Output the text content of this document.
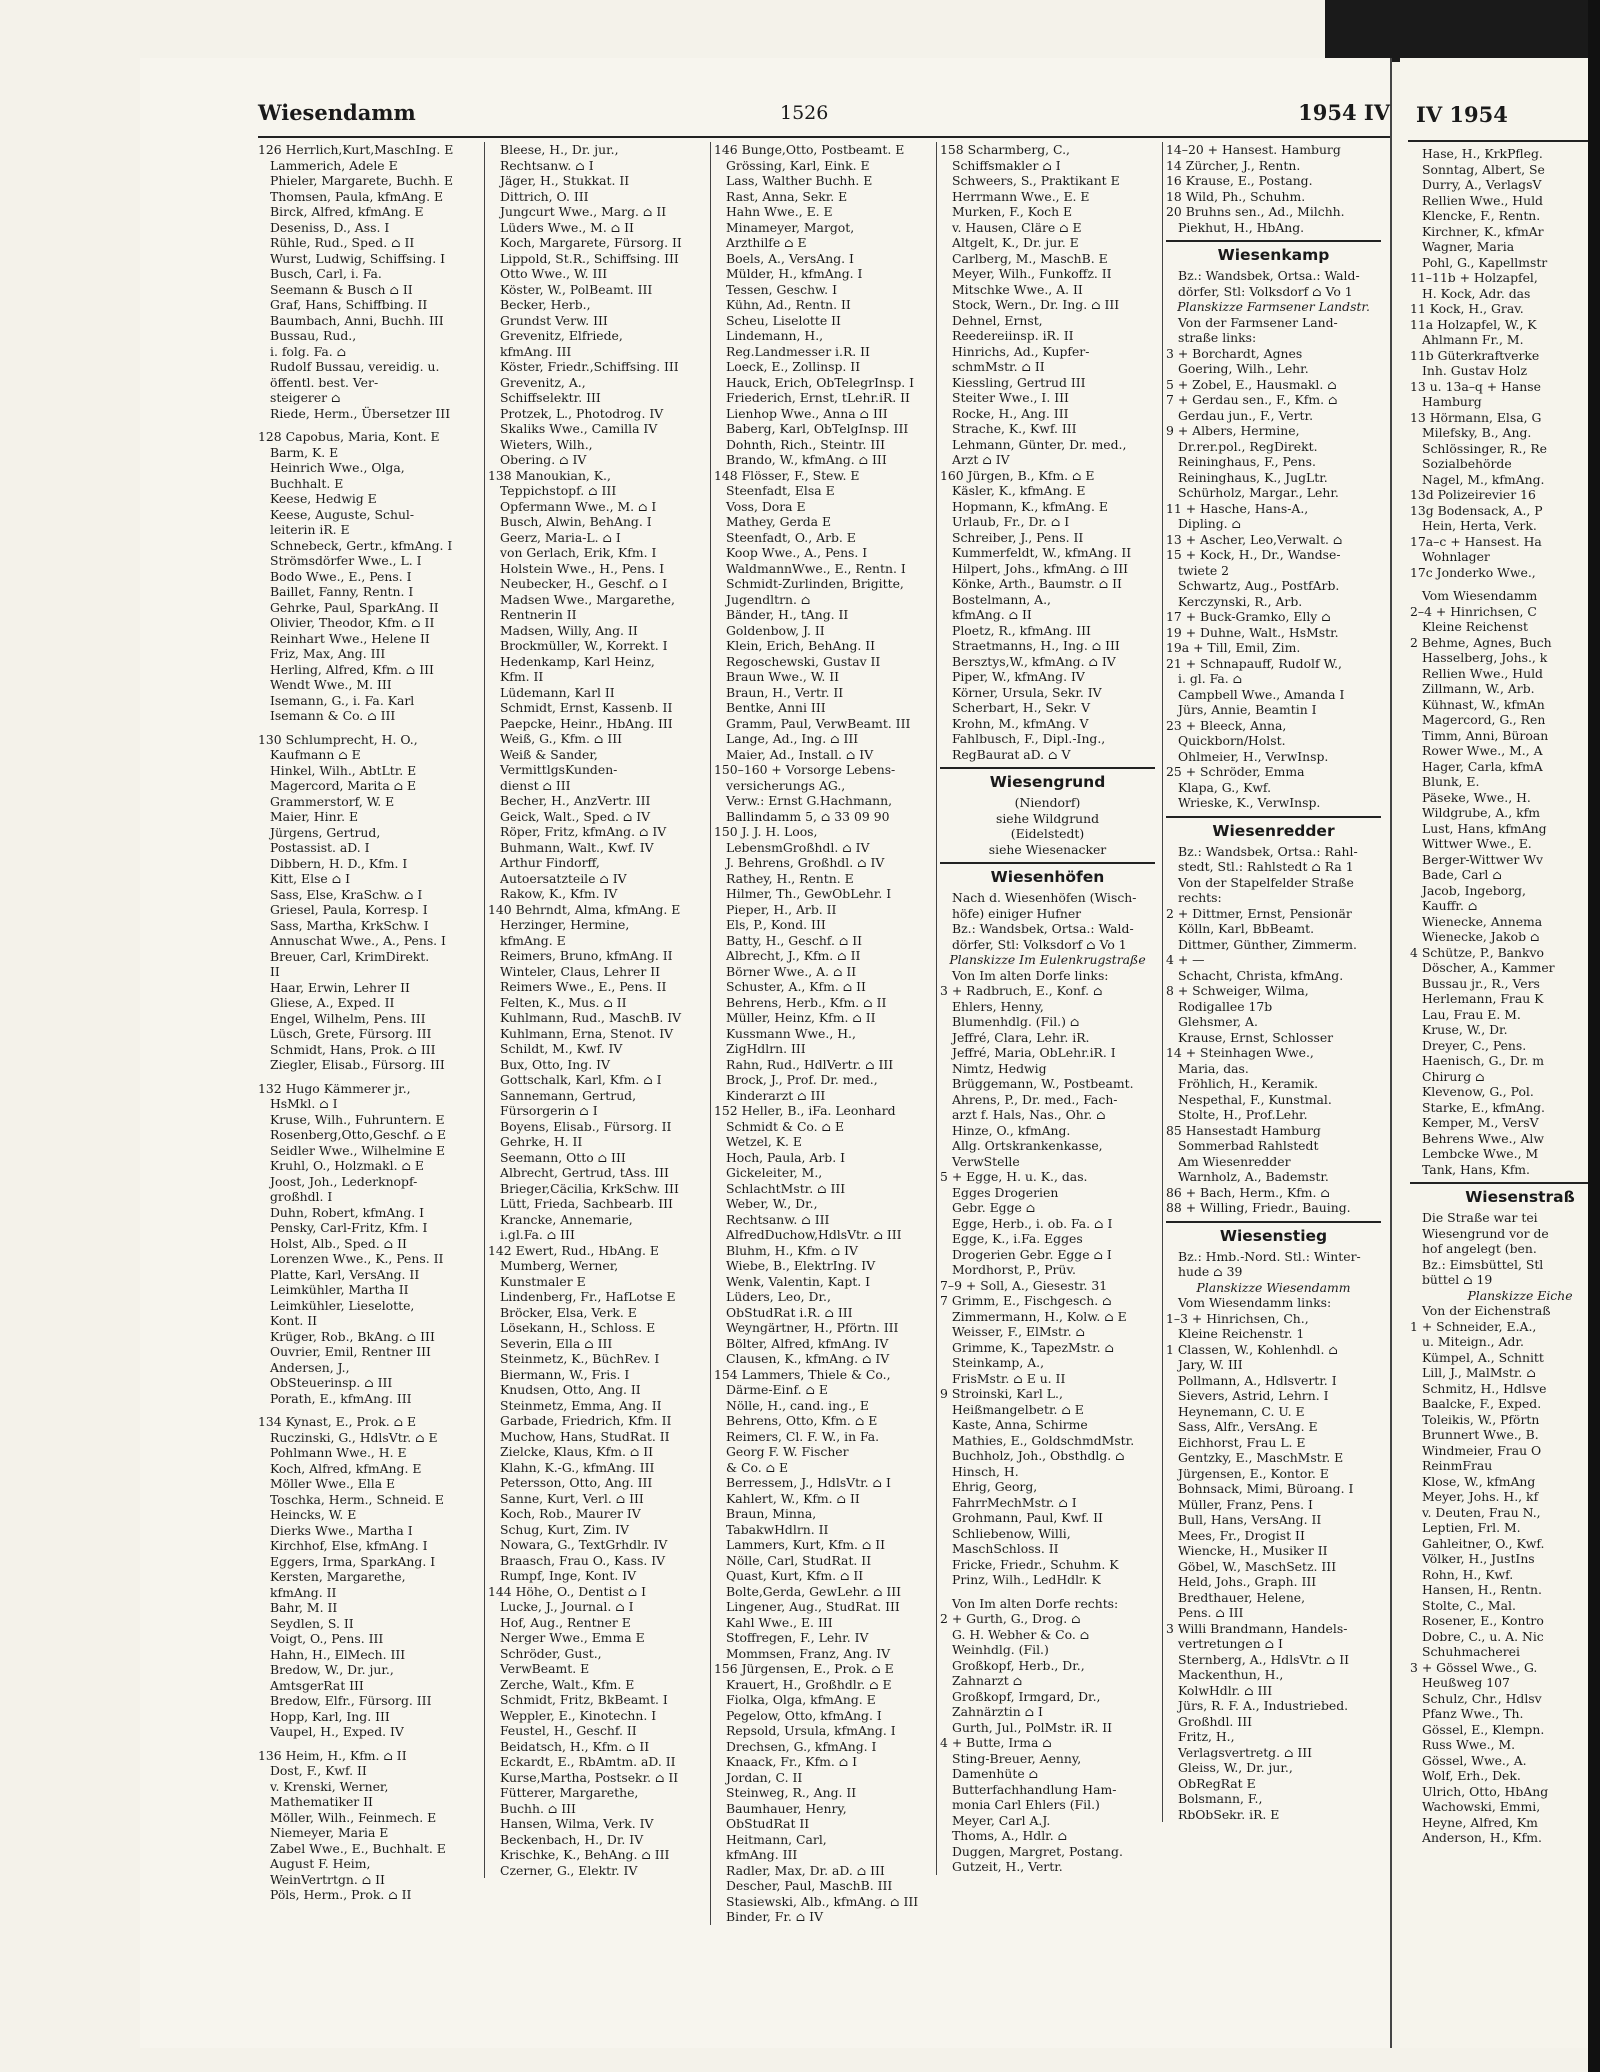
Wiesendamm	1526	1954 IV
126 Herrlich,Kurt,MaschIng. E
Lammerich, Adele E
Phieler, Margarete, Buchh. E
Thomsen, Paula, kfmAng. E
Birck, Alfred, kfmAng. E
Deseniss, D., Ass. I
Rühle, Rud., Sped. ⌂ II
Wurst, Ludwig, Schiffsing. I
Busch, Carl, i. Fa.
Seemann & Busch ⌂ II
Graf, Hans, Schiffbing. II
Baumbach, Anni, Buchh. III
Bussau, Rud.,
i. folg. Fa. ⌂
Rudolf Bussau, vereidig. u.
öffentl. best. Ver-
steigerer ⌂
Riede, Herm., Übersetzer III
128 Capobus, Maria, Kont. E
Barm, K. E
Heinrich Wwe., Olga,
Buchhalt. E
Keese, Hedwig E
Keese, Auguste, Schul-
leiterin iR. E
Schnebeck, Gertr., kfmAng. I
Strömsdörfer Wwe., L. I
Bodo Wwe., E., Pens. I
Baillet, Fanny, Rentn. I
Gehrke, Paul, SparkAng. II
Olivier, Theodor, Kfm. ⌂ II
Reinhart Wwe., Helene II
Friz, Max, Ang. III
Herling, Alfred, Kfm. ⌂ III
Wendt Wwe., M. III
Isemann, G., i. Fa. Karl
Isemann & Co. ⌂ III
130 Schlumprecht, H. O.,
Kaufmann ⌂ E
Hinkel, Wilh., AbtLtr. E
Magercord, Marita ⌂ E
Grammerstorf, W. E
Maier, Hinr. E
Jürgens, Gertrud,
Postassist. aD. I
Dibbern, H. D., Kfm. I
Kitt, Else ⌂ I
Sass, Else, KraSchw. ⌂ I
Griesel, Paula, Korresp. I
Sass, Martha, KrkSchw. I
Annuschat Wwe., A., Pens. I
Breuer, Carl, KrimDirekt.
II
Haar, Erwin, Lehrer II
Gliese, A., Exped. II
Engel, Wilhelm, Pens. III
Lüsch, Grete, Fürsorg. III
Schmidt, Hans, Prok. ⌂ III
Ziegler, Elisab., Fürsorg. III
132 Hugo Kämmerer jr.,
HsMkl. ⌂ I
Kruse, Wilh., Fuhruntern. E
Rosenberg,Otto,Geschf. ⌂ E
Seidler Wwe., Wilhelmine E
Kruhl, O., Holzmakl. ⌂ E
Joost, Joh., Lederknopf-
großhdl. I
Duhn, Robert, kfmAng. I
Pensky, Carl-Fritz, Kfm. I
Holst, Alb., Sped. ⌂ II
Lorenzen Wwe., K., Pens. II
Platte, Karl, VersAng. II
Leimkühler, Martha II
Leimkühler, Lieselotte,
Kont. II
Krüger, Rob., BkAng. ⌂ III
Ouvrier, Emil, Rentner III
Andersen, J.,
ObSteuerinsp. ⌂ III
Porath, E., kfmAng. III
134 Kynast, E., Prok. ⌂ E
Ruczinski, G., HdlsVtr. ⌂ E
Pohlmann Wwe., H. E
Koch, Alfred, kfmAng. E
Möller Wwe., Ella E
Toschka, Herm., Schneid. E
Heincks, W. E
Dierks Wwe., Martha I
Kirchhof, Else, kfmAng. I
Eggers, Irma, SparkAng. I
Kersten, Margarethe,
kfmAng. II
Bahr, M. II
Seydlen, S. II
Voigt, O., Pens. III
Hahn, H., ElMech. III
Bredow, W., Dr. jur.,
AmtsgerRat III
Bredow, Elfr., Fürsorg. III
Hopp, Karl, Ing. III
Vaupel, H., Exped. IV
136 Heim, H., Kfm. ⌂ II
Dost, F., Kwf. II
v. Krenski, Werner,
Mathematiker II
Möller, Wilh., Feinmech. E
Niemeyer, Maria E
Zabel Wwe., E., Buchhalt. E
August F. Heim,
WeinVertrtgn. ⌂ II
Pöls, Herm., Prok. ⌂ II
Bleese, H., Dr. jur.,
Rechtsanw. ⌂ I
Jäger, H., Stukkat. II
Dittrich, O. III
Jungcurt Wwe., Marg. ⌂ II
Lüders Wwe., M. ⌂ II
Koch, Margarete, Fürsorg. II
Lippold, St.R., Schiffsing. III
Otto Wwe., W. III
Köster, W., PolBeamt. III
Becker, Herb.,
Grundst Verw. III
Grevenitz, Elfriede,
kfmAng. III
Köster, Friedr.,Schiffsing. III
Grevenitz, A.,
Schiffselektr. III
Protzek, L., Photodrog. IV
Skaliks Wwe., Camilla IV
Wieters, Wilh.,
Obering. ⌂ IV
138 Manoukian, K.,
Teppichstopf. ⌂ III
Opfermann Wwe., M. ⌂ I
Busch, Alwin, BehAng. I
Geerz, Maria-L. ⌂ I
von Gerlach, Erik, Kfm. I
Holstein Wwe., H., Pens. I
Neubecker, H., Geschf. ⌂ I
Madsen Wwe., Margarethe,
Rentnerin II
Madsen, Willy, Ang. II
Brockmüller, W., Korrekt. I
Hedenkamp, Karl Heinz,
Kfm. II
Lüdemann, Karl II
Schmidt, Ernst, Kassenb. II
Paepcke, Heinr., HbAng. III
Weiß, G., Kfm. ⌂ III
Weiß & Sander,
VermittlgsKunden-
dienst ⌂ III
Becher, H., AnzVertr. III
Geick, Walt., Sped. ⌂ IV
Röper, Fritz, kfmAng. ⌂ IV
Buhmann, Walt., Kwf. IV
Arthur Findorff,
Autoersatzteile ⌂ IV
Rakow, K., Kfm. IV
140 Behrndt, Alma, kfmAng. E
Herzinger, Hermine,
kfmAng. E
Reimers, Bruno, kfmAng. II
Winteler, Claus, Lehrer II
Reimers Wwe., E., Pens. II
Felten, K., Mus. ⌂ II
Kuhlmann, Rud., MaschB. IV
Kuhlmann, Erna, Stenot. IV
Schildt, M., Kwf. IV
Bux, Otto, Ing. IV
Gottschalk, Karl, Kfm. ⌂ I
Sannemann, Gertrud,
Fürsorgerin ⌂ I
Boyens, Elisab., Fürsorg. II
Gehrke, H. II
Seemann, Otto ⌂ III
Albrecht, Gertrud, tAss. III
Brieger,Cäcilia, KrkSchw. III
Lütt, Frieda, Sachbearb. III
Krancke, Annemarie,
i.gl.Fa. ⌂ III
142 Ewert, Rud., HbAng. E
Mumberg, Werner,
Kunstmaler E
Lindenberg, Fr., HafLotse E
Bröcker, Elsa, Verk. E
Lösekann, H., Schloss. E
Severin, Ella ⌂ III
Steinmetz, K., BüchRev. I
Biermann, W., Fris. I
Knudsen, Otto, Ang. II
Steinmetz, Emma, Ang. II
Garbade, Friedrich, Kfm. II
Muchow, Hans, StudRat. II
Zielcke, Klaus, Kfm. ⌂ II
Klahn, K.-G., kfmAng. III
Petersson, Otto, Ang. III
Sanne, Kurt, Verl. ⌂ III
Koch, Rob., Maurer IV
Schug, Kurt, Zim. IV
Nowara, G., TextGrhdlr. IV
Braasch, Frau O., Kass. IV
Rumpf, Inge, Kont. IV
144 Höhe, O., Dentist ⌂ I
Lucke, J., Journal. ⌂ I
Hof, Aug., Rentner E
Nerger Wwe., Emma E
Schröder, Gust.,
VerwBeamt. E
Zerche, Walt., Kfm. E
Schmidt, Fritz, BkBeamt. I
Weppler, E., Kinotechn. I
Feustel, H., Geschf. II
Beidatsch, H., Kfm. ⌂ II
Eckardt, E., RbAmtm. aD. II
Kurse,Martha, Postsekr. ⌂ II
Fütterer, Margarethe,
Buchh. ⌂ III
Hansen, Wilma, Verk. IV
Beckenbach, H., Dr. IV
Krischke, K., BehAng. ⌂ III
Czerner, G., Elektr. IV
146 Bunge,Otto, Postbeamt. E
Grössing, Karl, Eink. E
Lass, Walther Buchh. E
Rast, Anna, Sekr. E
Hahn Wwe., E. E
Minameyer, Margot,
Arzthilfe ⌂ E
Boels, A., VersAng. I
Mülder, H., kfmAng. I
Tessen, Geschw. I
Kühn, Ad., Rentn. II
Scheu, Liselotte II
Lindemann, H.,
Reg.Landmesser i.R. II
Loeck, E., Zollinsp. II
Hauck, Erich, ObTelegrInsp. I
Friederich, Ernst, tLehr.iR. II
Lienhop Wwe., Anna ⌂ III
Baberg, Karl, ObTelgInsp. III
Dohnth, Rich., Steintr. III
Brando, W., kfmAng. ⌂ III
148 Flösser, F., Stew. E
Steenfadt, Elsa E
Voss, Dora E
Mathey, Gerda E
Steenfadt, O., Arb. E
Koop Wwe., A., Pens. I
WaldmannWwe., E., Rentn. I
Schmidt-Zurlinden, Brigitte,
Jugendltrn. ⌂
Bänder, H., tAng. II
Goldenbow, J. II
Klein, Erich, BehAng. II
Regoschewski, Gustav II
Braun Wwe., W. II
Braun, H., Vertr. II
Bentke, Anni III
Gramm, Paul, VerwBeamt. III
Lange, Ad., Ing. ⌂ III
Maier, Ad., Install. ⌂ IV
150–160 + Vorsorge Lebens-
versicherungs AG.,
Verw.: Ernst G.Hachmann,
Ballindamm 5, ⌂ 33 09 90
150 J. J. H. Loos,
LebensmGroßhdl. ⌂ IV
J. Behrens, Großhdl. ⌂ IV
Rathey, H., Rentn. E
Hilmer, Th., GewObLehr. I
Pieper, H., Arb. II
Els, P., Kond. III
Batty, H., Geschf. ⌂ II
Albrecht, J., Kfm. ⌂ II
Börner Wwe., A. ⌂ II
Schuster, A., Kfm. ⌂ II
Behrens, Herb., Kfm. ⌂ II
Müller, Heinz, Kfm. ⌂ II
Kussmann Wwe., H.,
ZigHdlrn. III
Rahn, Rud., HdlVertr. ⌂ III
Brock, J., Prof. Dr. med.,
Kinderarzt ⌂ III
152 Heller, B., iFa. Leonhard
Schmidt & Co. ⌂ E
Wetzel, K. E
Hoch, Paula, Arb. I
Gickeleiter, M.,
SchlachtMstr. ⌂ III
Weber, W., Dr.,
Rechtsanw. ⌂ III
AlfredDuchow,HdlsVtr. ⌂ III
Bluhm, H., Kfm. ⌂ IV
Wiebe, B., ElektrIng. IV
Wenk, Valentin, Kapt. I
Lüders, Leo, Dr.,
ObStudRat i.R. ⌂ III
Weyngärtner, H., Pförtn. III
Bölter, Alfred, kfmAng. IV
Clausen, K., kfmAng. ⌂ IV
154 Lammers, Thiele & Co.,
Därme-Einf. ⌂ E
Nölle, H., cand. ing., E
Behrens, Otto, Kfm. ⌂ E
Reimers, Cl. F. W., in Fa.
Georg F. W. Fischer
& Co. ⌂ E
Berressem, J., HdlsVtr. ⌂ I
Kahlert, W., Kfm. ⌂ II
Braun, Minna,
TabakwHdlrn. II
Lammers, Kurt, Kfm. ⌂ II
Nölle, Carl, StudRat. II
Quast, Kurt, Kfm. ⌂ II
Bolte,Gerda, GewLehr. ⌂ III
Lingener, Aug., StudRat. III
Kahl Wwe., E. III
Stoffregen, F., Lehr. IV
Mommsen, Franz, Ang. IV
156 Jürgensen, E., Prok. ⌂ E
Krauert, H., Großhdlr. ⌂ E
Fiolka, Olga, kfmAng. E
Pegelow, Otto, kfmAng. I
Repsold, Ursula, kfmAng. I
Drechsen, G., kfmAng. I
Knaack, Fr., Kfm. ⌂ I
Jordan, C. II
Steinweg, R., Ang. II
Baumhauer, Henry,
ObStudRat II
Heitmann, Carl,
kfmAng. III
Radler, Max, Dr. aD. ⌂ III
Descher, Paul, MaschB. III
Stasiewski, Alb., kfmAng. ⌂ III
Binder, Fr. ⌂ IV
158 Scharmberg, C.,
Schiffsmakler ⌂ I
Schweers, S., Praktikant E
Herrmann Wwe., E. E
Murken, F., Koch E
v. Hausen, Cläre ⌂ E
Altgelt, K., Dr. jur. E
Carlberg, M., MaschB. E
Meyer, Wilh., Funkoffz. II
Mitschke Wwe., A. II
Stock, Wern., Dr. Ing. ⌂ III
Dehnel, Ernst,
Reedereiinsp. iR. II
Hinrichs, Ad., Kupfer-
schmMstr. ⌂ II
Kiessling, Gertrud III
Steiter Wwe., I. III
Rocke, H., Ang. III
Strache, K., Kwf. III
Lehmann, Günter, Dr. med.,
Arzt ⌂ IV
160 Jürgen, B., Kfm. ⌂ E
Käsler, K., kfmAng. E
Hopmann, K., kfmAng. E
Urlaub, Fr., Dr. ⌂ I
Schreiber, J., Pens. II
Kummerfeldt, W., kfmAng. II
Hilpert, Johs., kfmAng. ⌂ III
Könke, Arth., Baumstr. ⌂ II
Bostelmann, A.,
kfmAng. ⌂ II
Ploetz, R., kfmAng. III
Straetmanns, H., Ing. ⌂ III
Bersztys,W., kfmAng. ⌂ IV
Piper, W., kfmAng. IV
Körner, Ursula, Sekr. IV
Scherbart, H., Sekr. V
Krohn, M., kfmAng. V
Fahlbusch, F., Dipl.-Ing.,
RegBaurat aD. ⌂ V
Wiesengrund
(Niendorf)
siehe Wildgrund
(Eidelstedt)
siehe Wiesenacker
Wiesenhöfen
Nach d. Wiesenhöfen (Wisch-
höfe) einiger Hufner
Bz.: Wandsbek, Ortsa.: Wald-
dörfer, Stl: Volksdorf ⌂ Vo 1
Planskizze Im Eulenkrugstraße
Von Im alten Dorfe links:
3 + Radbruch, E., Konf. ⌂
Ehlers, Henny,
Blumenhdlg. (Fil.) ⌂
Jeffré, Clara, Lehr. iR.
Jeffré, Maria, ObLehr.iR. I
Nimtz, Hedwig
Brüggemann, W., Postbeamt.
Ahrens, P., Dr. med., Fach-
arzt f. Hals, Nas., Ohr. ⌂
Hinze, O., kfmAng.
Allg. Ortskrankenkasse,
VerwStelle
5 + Egge, H. u. K., das.
Egges Drogerien
Gebr. Egge ⌂
Egge, Herb., i. ob. Fa. ⌂ I
Egge, K., i.Fa. Egges
Drogerien Gebr. Egge ⌂ I
Mordhorst, P., Prüv.
7–9 + Soll, A., Giesestr. 31
7 Grimm, E., Fischgesch. ⌂
Zimmermann, H., Kolw. ⌂ E
Weisser, F., ElMstr. ⌂
Grimme, K., TapezMstr. ⌂
Steinkamp, A.,
FrisMstr. ⌂ E u. II
9 Stroinski, Karl L.,
Heißmangelbetr. ⌂ E
Kaste, Anna, Schirme
Mathies, E., GoldschmdMstr.
Buchholz, Joh., Obsthdlg. ⌂
Hinsch, H.
Ehrig, Georg,
FahrrMechMstr. ⌂ I
Grohmann, Paul, Kwf. II
Schliebenow, Willi,
MaschSchloss. II
Fricke, Friedr., Schuhm. K
Prinz, Wilh., LedHdlr. K
Von Im alten Dorfe rechts:
2 + Gurth, G., Drog. ⌂
G. H. Webher & Co. ⌂
Weinhdlg. (Fil.)
Großkopf, Herb., Dr.,
Zahnarzt ⌂
Großkopf, Irmgard, Dr.,
Zahnärztin ⌂ I
Gurth, Jul., PolMstr. iR. II
4 + Butte, Irma ⌂
Sting-Breuer, Aenny,
Damenhüte ⌂
Butterfachhandlung Ham-
monia Carl Ehlers (Fil.)
Meyer, Carl A.J.
Thoms, A., Hdlr. ⌂
Duggen, Margret, Postang.
Gutzeit, H., Vertr.
14–20 + Hansest. Hamburg
14 Zürcher, J., Rentn.
16 Krause, E., Postang.
18 Wild, Ph., Schuhm.
20 Bruhns sen., Ad., Milchh.
Piekhut, H., HbAng.
Wiesenkamp
Bz.: Wandsbek, Ortsa.: Wald-
dörfer, Stl: Volksdorf ⌂ Vo 1
Planskizze Farmsener Landstr.
Von der Farmsener Land-
straße links:
3 + Borchardt, Agnes
Goering, Wilh., Lehr.
5 + Zobel, E., Hausmakl. ⌂
7 + Gerdau sen., F., Kfm. ⌂
Gerdau jun., F., Vertr.
9 + Albers, Hermine,
Dr.rer.pol., RegDirekt.
Reininghaus, F., Pens.
Reininghaus, K., JugLtr.
Schürholz, Margar., Lehr.
11 + Hasche, Hans-A.,
Dipling. ⌂
13 + Ascher, Leo,Verwalt. ⌂
15 + Kock, H., Dr., Wandse-
twiete 2
Schwartz, Aug., PostfArb.
Kerczynski, R., Arb.
17 + Buck-Gramko, Elly ⌂
19 + Duhne, Walt., HsMstr.
19a + Till, Emil, Zim.
21 + Schnapauff, Rudolf W.,
i. gl. Fa. ⌂
Campbell Wwe., Amanda I
Jürs, Annie, Beamtin I
23 + Bleeck, Anna,
Quickborn/Holst.
Ohlmeier, H., VerwInsp.
25 + Schröder, Emma
Klapa, G., Kwf.
Wrieske, K., VerwInsp.
Wiesenredder
Bz.: Wandsbek, Ortsa.: Rahl-
stedt, Stl.: Rahlstedt ⌂ Ra 1
Von der Stapelfelder Straße
rechts:
2 + Dittmer, Ernst, Pensionär
Kölln, Karl, BbBeamt.
Dittmer, Günther, Zimmerm.
4 + —
Schacht, Christa, kfmAng.
8 + Schweiger, Wilma,
Rodigallee 17b
Glehsmer, A.
Krause, Ernst, Schlosser
14 + Steinhagen Wwe.,
Maria, das.
Fröhlich, H., Keramik.
Nespethal, F., Kunstmal.
Stolte, H., Prof.Lehr.
85 Hansestadt Hamburg
Sommerbad Rahlstedt
Am Wiesenredder
Warnholz, A., Bademstr.
86 + Bach, Herm., Kfm. ⌂
88 + Willing, Friedr., Bauing.
Wiesenstieg
Bz.: Hmb.-Nord. Stl.: Winter-
hude ⌂ 39
Planskizze Wiesendamm
Vom Wiesendamm links:
1–3 + Hinrichsen, Ch.,
Kleine Reichenstr. 1
1 Classen, W., Kohlenhdl. ⌂
Jary, W. III
Pollmann, A., Hdlsvertr. I
Sievers, Astrid, Lehrn. I
Heynemann, C. U. E
Sass, Alfr., VersAng. E
Eichhorst, Frau L. E
Gentzky, E., MaschMstr. E
Jürgensen, E., Kontor. E
Bohnsack, Mimi, Büroang. I
Müller, Franz, Pens. I
Bull, Hans, VersAng. II
Mees, Fr., Drogist II
Wiencke, H., Musiker II
Göbel, W., MaschSetz. III
Held, Johs., Graph. III
Bredthauer, Helene,
Pens. ⌂ III
3 Willi Brandmann, Handels-
vertretungen ⌂ I
Sternberg, A., HdlsVtr. ⌂ II
Mackenthun, H.,
KolwHdlr. ⌂ III
Jürs, R. F. A., Industriebed.
Großhdl. III
Fritz, H.,
Verlagsvertretg. ⌂ III
Gleiss, W., Dr. jur.,
ObRegRat E
Bolsmann, F.,
RbObSekr. iR. E
IV 1954
Hase, H., KrkPfleg.
Sonntag, Albert, Se
Durry, A., VerlagsV
Rellien Wwe., Huld
Klencke, F., Rentn.
Kirchner, K., kfmAr
Wagner, Maria
Pohl, G., Kapellmstr
11–11b + Holzapfel,
H. Kock, Adr. das
11 Kock, H., Grav.
11a Holzapfel, W., K
Ahlmann Fr., M.
11b Güterkraftverke
Inh. Gustav Holz
13 u. 13a–q + Hanse
Hamburg
13 Hörmann, Elsa, G
Milefsky, B., Ang.
Schlössinger, R., Re
Sozialbehörde
Nagel, M., kfmAng.
13d Polizeirevier 16
13g Bodensack, A., P
Hein, Herta, Verk.
17a–c + Hansest. Ha
Wohnlager
17c Jonderko Wwe.,
Vom Wiesendamm
2–4 + Hinrichsen, C
Kleine Reichenst
2 Behme, Agnes, Buch
Hasselberg, Johs., k
Rellien Wwe., Huld
Zillmann, W., Arb.
Kühnast, W., kfmAn
Magercord, G., Ren
Timm, Anni, Büroan
Rower Wwe., M., A
Hager, Carla, kfmA
Blunk, E.
Päseke, Wwe., H.
Wildgrube, A., kfm
Lust, Hans, kfmAng
Wittwer Wwe., E.
Berger-Wittwer Wv
Bade, Carl ⌂
Jacob, Ingeborg,
Kauffr. ⌂
Wienecke, Annema
Wienecke, Jakob ⌂
4 Schütze, P., Bankvo
Döscher, A., Kammer
Bussau jr., R., Vers
Herlemann, Frau K
Lau, Frau E. M.
Kruse, W., Dr.
Dreyer, C., Pens.
Haenisch, G., Dr. m
Chirurg ⌂
Klevenow, G., Pol.
Starke, E., kfmAng.
Kemper, M., VersV
Behrens Wwe., Alw
Lembcke Wwe., M
Tank, Hans, Kfm.
Wiesenstraß
Die Straße war tei
Wiesengrund vor de
hof angelegt (ben.
Bz.: Eimsbüttel, Stl
büttel ⌂ 19
Planskizze Eiche
Von der Eichenstraß
1 + Schneider, E.A.,
u. Miteign., Adr.
Kümpel, A., Schnitt
Lill, J., MalMstr. ⌂
Schmitz, H., Hdlsve
Baalcke, F., Exped.
Toleikis, W., Pförtn
Brunnert Wwe., B.
Windmeier, Frau O
ReinmFrau
Klose, W., kfmAng
Meyer, Johs. H., kf
v. Deuten, Frau N.,
Leptien, Frl. M.
Gahleitner, O., Kwf.
Völker, H., JustIns
Rohn, H., Kwf.
Hansen, H., Rentn.
Stolte, C., Mal.
Rosener, E., Kontro
Dobre, C., u. A. Nic
Schuhmacherei
3 + Gössel Wwe., G.
Heußweg 107
Schulz, Chr., Hdlsv
Pfanz Wwe., Th.
Gössel, E., Klempn.
Russ Wwe., M.
Gössel, Wwe., A.
Wolf, Erh., Dek.
Ulrich, Otto, HbAng
Wachowski, Emmi,
Heyne, Alfred, Km
Anderson, H., Kfm.
